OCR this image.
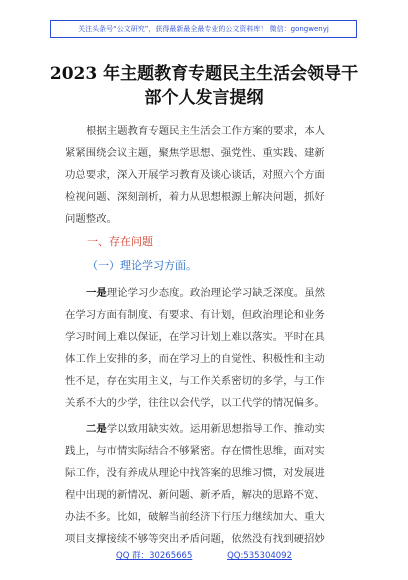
关注头条号“公文研究”，获得最新最全最专业的公文资料库！ 微信：gongwenyj
2023 年主题教育专题民主生活会领导干
部个人发言提纲
根据主题教育专题民主生活会工作方案的要求，本人
紧紧围绕会议主题，聚焦学思想、强党性、重实践、建新
功总要求，深入开展学习教育及谈心谈话，对照六个方面
检视问题、深刻剖析，着力从思想根源上解决问题，抓好
问题整改。
一、存在问题
（一）理论学习方面。
一是理论学习少态度。政治理论学习缺乏深度。虽然
在学习方面有制度、有要求、有计划，但政治理论和业务
学习时间上难以保证，在学习计划上难以落实。平时在具
体工作上安排的多，而在学习上的自觉性、积极性和主动
性不足，存在实用主义，与工作关系密切的多学，与工作
关系不大的少学，往往以会代学，以工代学的情况偏多。
二是学以致用缺实效。运用新思想指导工作、推动实
践上，与市情实际结合不够紧密。存在惯性思维，面对实
际工作，没有养成从理论中找答案的思维习惯，对发展进
程中出现的新情况、新问题、新矛盾，解决的思路不宽、
办法不多。比如，破解当前经济下行压力继续加大、重大
项目支撑接续不够等突出矛盾问题，依然没有找到硬招妙
QQ 群：30265665	QQ:535304092
